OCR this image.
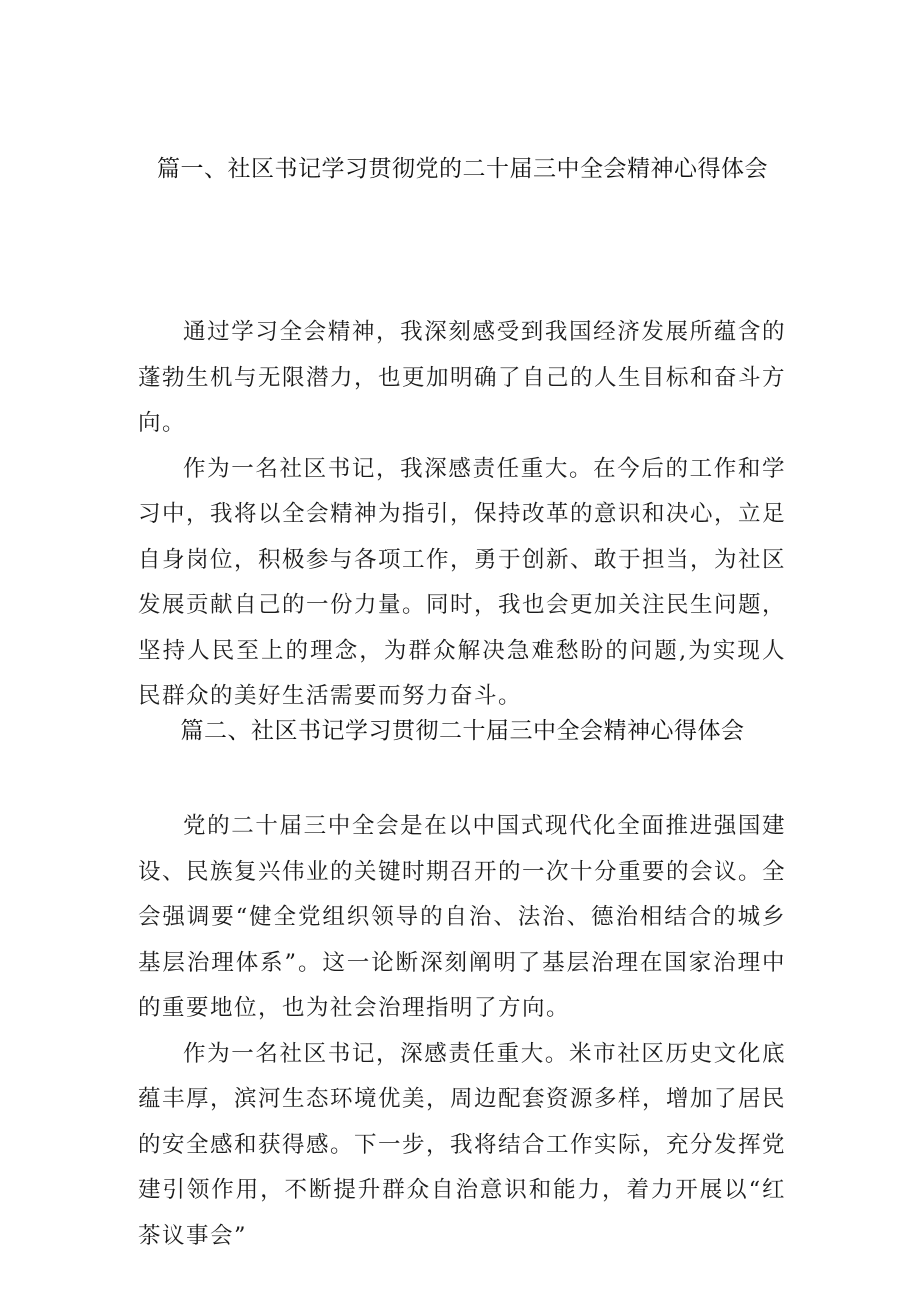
篇一、社区书记学习贯彻党的二十届三中全会精神心得体会

通过学习全会精神，我深刻感受到我国经济发展所蕴含的蓬勃生机与无限潜力，也更加明确了自己的人生目标和奋斗方向。

作为一名社区书记，我深感责任重大。在今后的工作和学习中，我将以全会精神为指引，保持改革的意识和决心，立足自身岗位，积极参与各项工作，勇于创新、敢于担当，为社区发展贡献自己的一份力量。同时，我也会更加关注民生问题，坚持人民至上的理念，为群众解决急难愁盼的问题,为实现人民群众的美好生活需要而努力奋斗。

篇二、社区书记学习贯彻二十届三中全会精神心得体会

党的二十届三中全会是在以中国式现代化全面推进强国建设、民族复兴伟业的关键时期召开的一次十分重要的会议。全会强调要“健全党组织领导的自治、法治、德治相结合的城乡基层治理体系”。这一论断深刻阐明了基层治理在国家治理中的重要地位，也为社会治理指明了方向。

作为一名社区书记，深感责任重大。米市社区历史文化底蕴丰厚，滨河生态环境优美，周边配套资源多样，增加了居民的安全感和获得感。下一步，我将结合工作实际，充分发挥党建引领作用，不断提升群众自治意识和能力，着力开展以“红茶议事会”
